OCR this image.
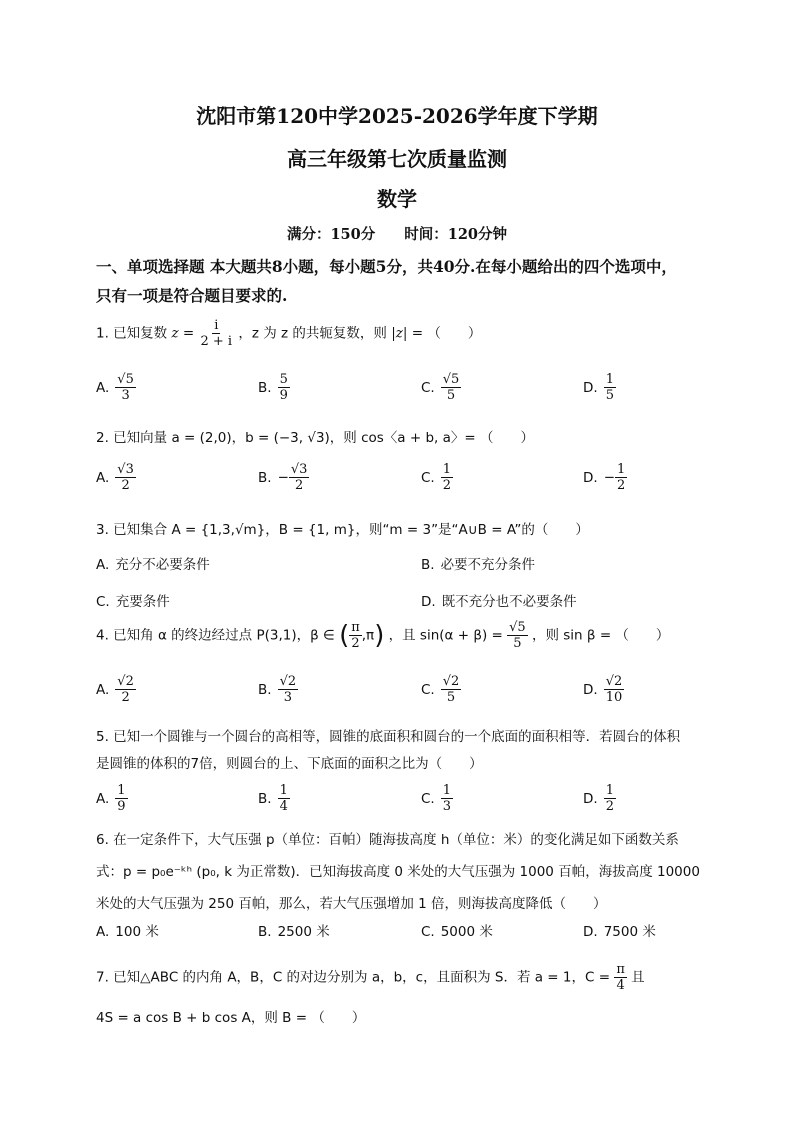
沈阳市第120中学2025-2026学年度下学期
高三年级第七次质量监测
数学
满分：150分　　时间：120分钟
一、单项选择题 本大题共8小题，每小题5分，共40分.在每小题给出的四个选项中，
只有一项是符合题目要求的.
1. 已知复数 $z = \frac{i}{2 + i}$ ，z 为 z 的共轭复数，则 |z| = （　　）
A. $\frac{√5}{3}$	B. $\frac{5}{9}$	C. $\frac{√5}{5}$	D. $\frac{1}{5}$
2. 已知向量 a = (2,0)，b = (−3, √3)，则 cos〈a + b, a〉= （　　）
A. $\frac{√3}{2}$	B. − $\frac{√3}{2}$	C. $\frac{1}{2}$	D. − $\frac{1}{2}$
3. 已知集合 A = {1,3,√m}，B = {1, m}，则“m = 3”是“A∪B = A”的（　　）
A. 充分不必要条件	B. 必要不充分条件
C. 充要条件	D. 既不充分也不必要条件
4. 已知角 α 的终边经过点 P(3,1)，β ∈ ( $\frac{\pi}{2} ,\pi$) ，且 $\sin(\alpha + \beta) = \frac{√5}{5}$ ，则 sin β = （　　）
A. $\frac{√2}{2}$	B. $\frac{√2}{3}$	C. $\frac{√2}{5}$	D. $\frac{√2}{10}$
5. 已知一个圆锥与一个圆台的高相等，圆锥的底面积和圆台的一个底面的面积相等．若圆台的体积
是圆锥的体积的7倍，则圆台的上、下底面的面积之比为（　　）
A. $\frac{1}{9}$	B. $\frac{1}{4}$	C. $\frac{1}{3}$	D. $\frac{1}{2}$
6. 在一定条件下，大气压强 p（单位：百帕）随海拔高度 h（单位：米）的变化满足如下函数关系
式：p = p₀e⁻ᵏʰ (p₀, k 为正常数)．已知海拔高度 0 米处的大气压强为 1000 百帕，海拔高度 10000
米处的大气压强为 250 百帕，那么，若大气压强增加 1 倍，则海拔高度降低（　　）
A. 100 米	B. 2500 米	C. 5000 米	D. 7500 米
7. 已知△ABC 的内角 A，B，C 的对边分别为 a，b，c，且面积为 S．若 a = 1，$C = \frac{\pi}{4}$ 且
4S = a cos B + b cos A，则 B = （　　）
